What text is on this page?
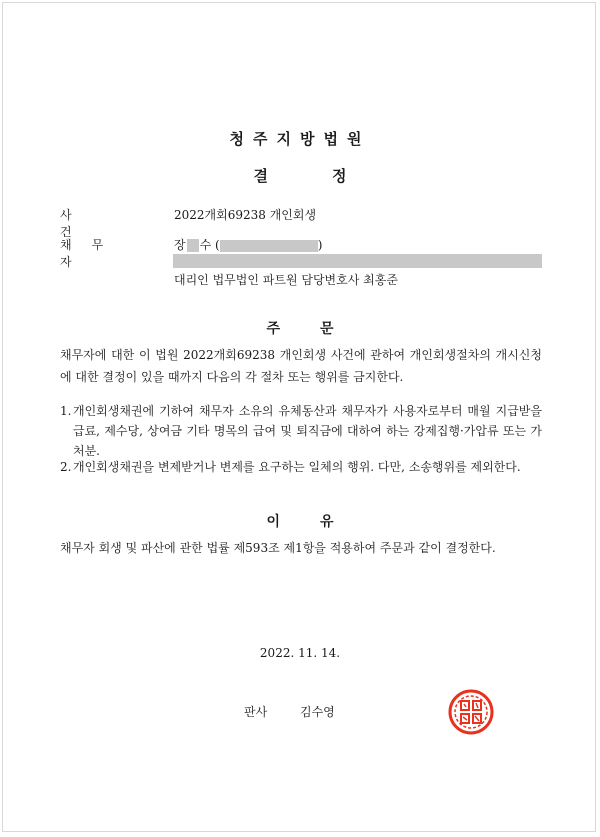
청주지방법원
결정
사건
2022개회69238 개인회생
채무자
장 수 (	)
대리인 법무법인 파트원 담당변호사 최홍준
주문
채무자에 대한 이 법원 2022개회69238 개인회생 사건에 관하여 개인회생절차의 개시신청에 대한 결정이 있을 때까지 다음의 각 절차 또는 행위를 금지한다.
1. 개인회생채권에 기하여 채무자 소유의 유체동산과 채무자가 사용자로부터 매월 지급받을 급료, 제수당, 상여금 기타 명목의 급여 및 퇴직금에 대하여 하는 강제집행·가압류 또는 가처분.
2. 개인회생채권을 변제받거나 변제를 요구하는 일체의 행위. 다만, 소송행위를 제외한다.
이유
채무자 회생 및 파산에 관한 법률 제593조 제1항을 적용하여 주문과 같이 결정한다.
2022. 11. 14.
판사	김수영
